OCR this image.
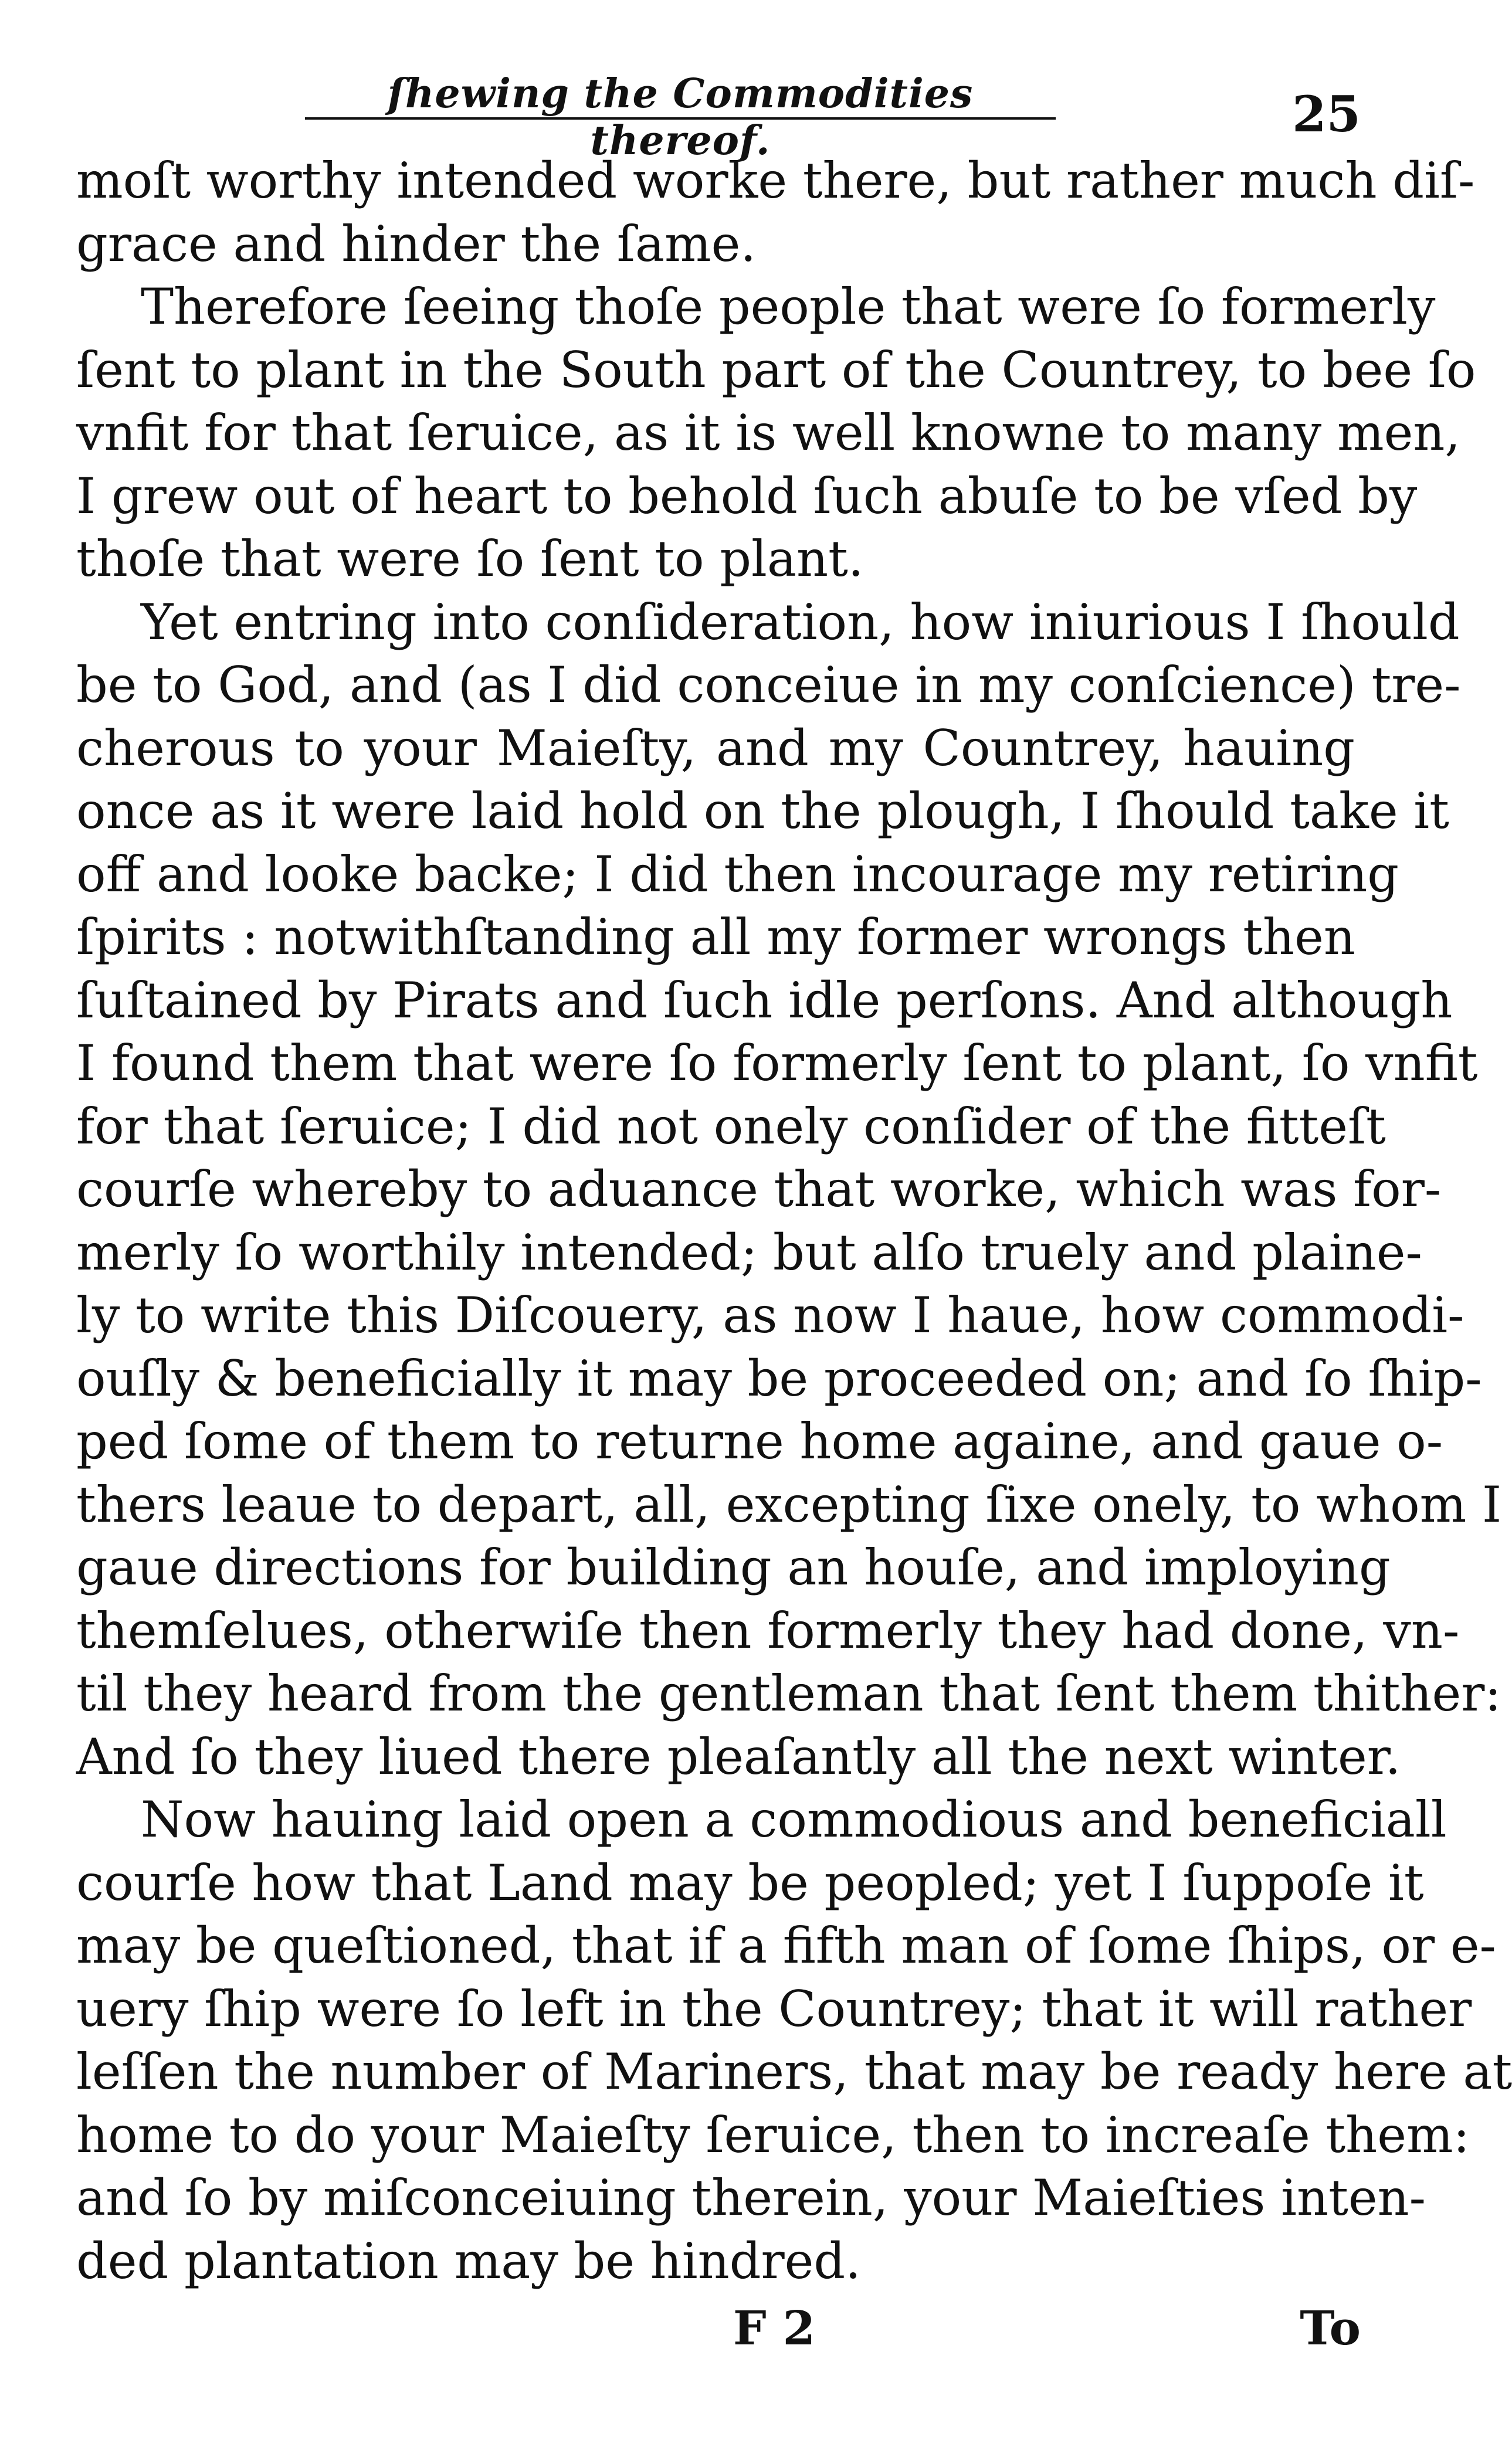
ſhewing the Commodities thereof.	25
moſt worthy intended worke there, but rather much diſ-
grace and hinder the ſame.
Therefore ſeeing thoſe people that were ſo formerly
ſent to plant in the South part of the Countrey, to bee ſo
vnfit for that ſeruice, as it is well knowne to many men,
I grew out of heart to behold ſuch abuſe to be vſed by
thoſe that were ſo ſent to plant.
Yet entring into conſideration, how iniurious I ſhould
be to God, and (as I did conceiue in my conſcience) tre-
cherous to your Maieſty, and my Countrey, hauing
once as it were laid hold on the plough, I ſhould take it
off and looke backe; I did then incourage my retiring
ſpirits : notwithſtanding all my former wrongs then
ſuſtained by Pirats and ſuch idle perſons. And although
I found them that were ſo formerly ſent to plant, ſo vnfit
for that ſeruice; I did not onely conſider of the fitteſt
courſe whereby to aduance that worke, which was for-
merly ſo worthily intended; but alſo truely and plaine-
ly to write this Diſcouery, as now I haue, how commodi-
ouſly & beneficially it may be proceeded on; and ſo ſhip-
ped ſome of them to returne home againe, and gaue o-
thers leaue to depart, all, excepting ſixe onely, to whom I
gaue directions for building an houſe, and imploying
themſelues, otherwiſe then formerly they had done, vn-
til they heard from the gentleman that ſent them thither:
And ſo they liued there pleaſantly all the next winter.
Now hauing laid open a commodious and beneficiall
courſe how that Land may be peopled; yet I ſuppoſe it
may be queſtioned, that if a fifth man of ſome ſhips, or e-
uery ſhip were ſo left in the Countrey; that it will rather
leſſen the number of Mariners, that may be ready here at
home to do your Maieſty ſeruice, then to increaſe them:
and ſo by miſconceiuing therein, your Maieſties inten-
ded plantation may be hindred.
F 2	To
